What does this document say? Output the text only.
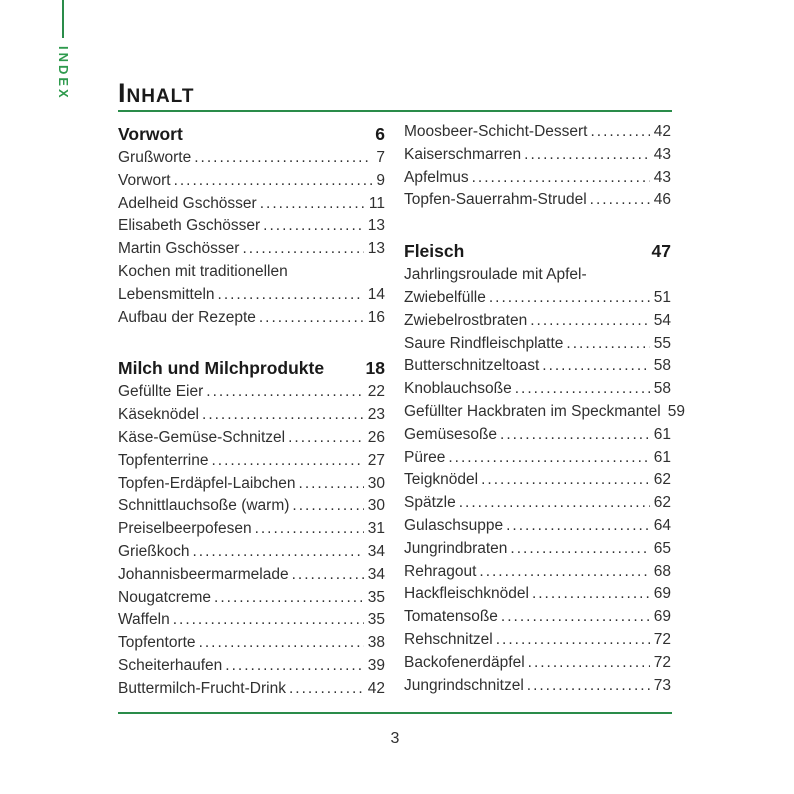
INDEX Inhalt
Vorwort	6
Grußworte .....	7
Vorwort .....	9
Adelheid Gschösser .....	11
Elisabeth Gschösser .....	13
Martin Gschösser .....	13
Kochen mit traditionellen
Lebensmitteln .....	14
Aufbau der Rezepte .....	16
Milch und Milchprodukte 18
Gefüllte Eier .....	22
Käseknödel .....	23
Käse-Gemüse-Schnitzel .....	26
Topfenterrine .....	27
Topfen-Erdäpfel-Laibchen .....	30
Schnittlauchsoße (warm) .....	30
Preiselbeerpofesen .....	31
Grießkoch .....	34
Johannisbeermarmelade .....	34
Nougatcreme .....	35
Waffeln .....	35
Topfentorte .....	38
Scheiterhaufen .....	39
Buttermilch-Frucht-Drink .....	42
Moosbeer-Schicht-Dessert .....	42
Kaiserschmarren .....	43
Apfelmus .....	43
Topfen-Sauerrahm-Strudel .....	46
Fleisch	47
Jahrlingsroulade mit Apfel-
Zwiebelfülle .....	51
Zwiebelrostbraten .....	54
Saure Rindfleischplatte .....	55
Butterschnitzeltoast .....	58
Knoblauchsoße .....	58
Gefüllter Hackbraten im Speckmantel 59
Gemüsesoße .....	61
Püree .....	61
Teigknödel .....	62
Spätzle .....	62
Gulaschsuppe .....	64
Jungrindbraten .....	65
Rehragout .....	68
Hackfleischknödel .....	69
Tomatensoße .....	69
Rehschnitzel .....	72
Backofenerdäpfel .....	72
Jungrindschnitzel .....	73
3
